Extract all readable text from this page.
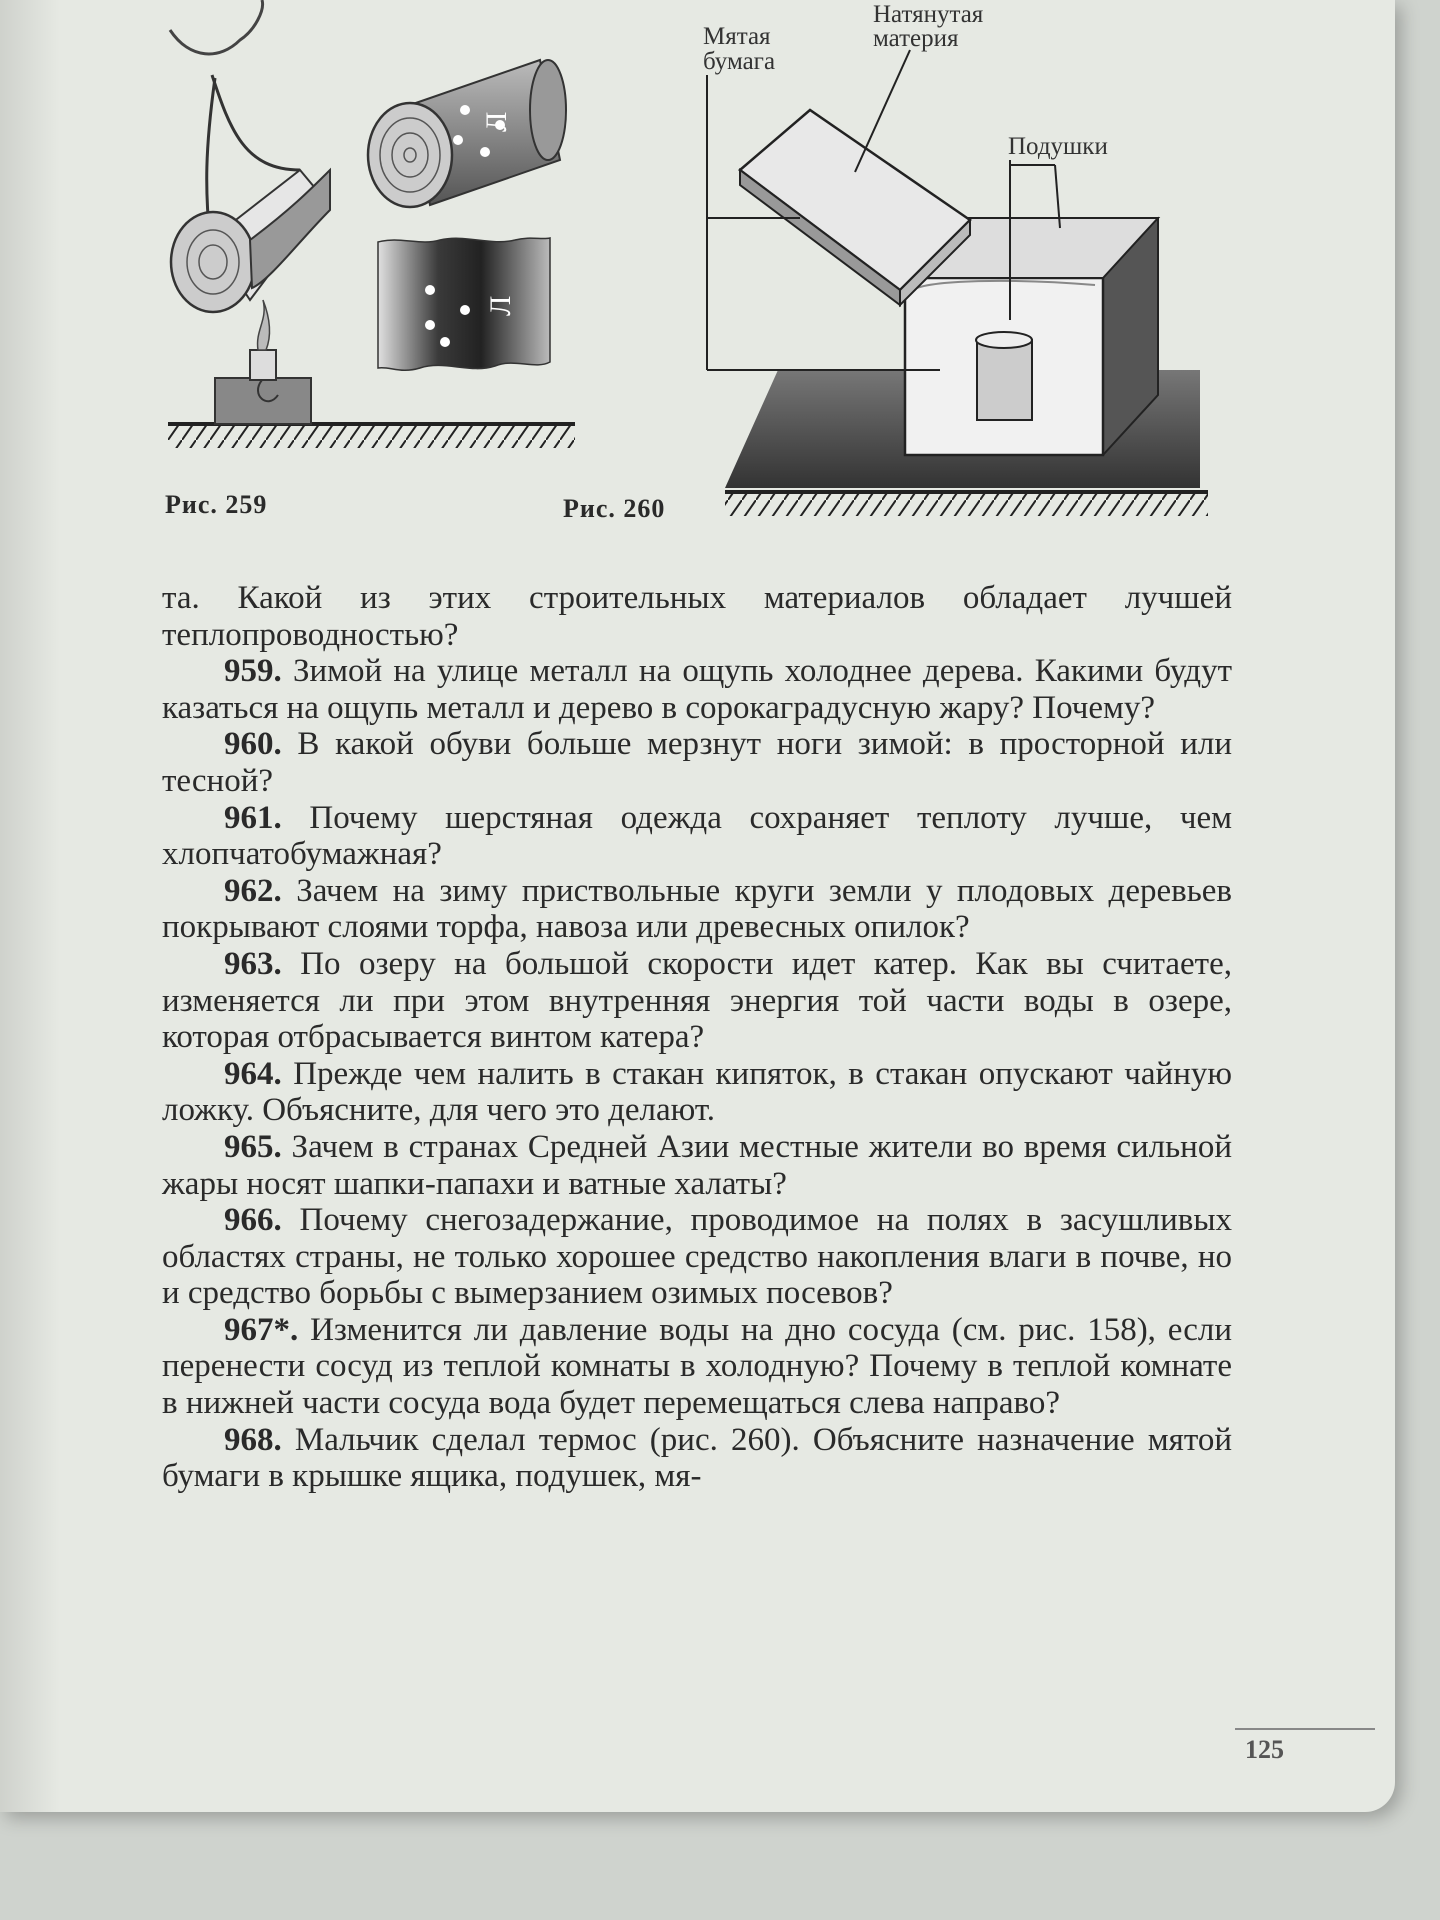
Л
Л
Мятая
бумага
Натянутая
материя
Подушки
Рис. 259	Рис. 260

та. Какой из этих строительных материалов обладает лучшей теплопроводностью?

959. Зимой на улице металл на ощупь холоднее дерева. Какими будут казаться на ощупь металл и дерево в сорокаградусную жару? Почему?

960. В какой обуви больше мерзнут ноги зимой: в просторной или тесной?

961. Почему шерстяная одежда сохраняет теплоту лучше, чем хлопчатобумажная?

962. Зачем на зиму приствольные круги земли у плодовых деревьев покрывают слоями торфа, навоза или древесных опилок?

963. По озеру на большой скорости идет катер. Как вы считаете, изменяется ли при этом внутренняя энергия той части воды в озере, которая отбрасывается винтом катера?

964. Прежде чем налить в стакан кипяток, в стакан опускают чайную ложку. Объясните, для чего это делают.

965. Зачем в странах Средней Азии местные жители во время сильной жары носят шапки-папахи и ватные халаты?

966. Почему снегозадержание, проводимое на полях в засушливых областях страны, не только хорошее средство накопления влаги в почве, но и средство борьбы с вымерзанием озимых посевов?

967*. Изменится ли давление воды на дно сосуда (см. рис. 158), если перенести сосуд из теплой комнаты в холодную? Почему в теплой комнате в нижней части сосуда вода будет перемещаться слева направо?

968. Мальчик сделал термос (рис. 260). Объясните назначение мятой бумаги в крышке ящика, подушек, мя-

125
